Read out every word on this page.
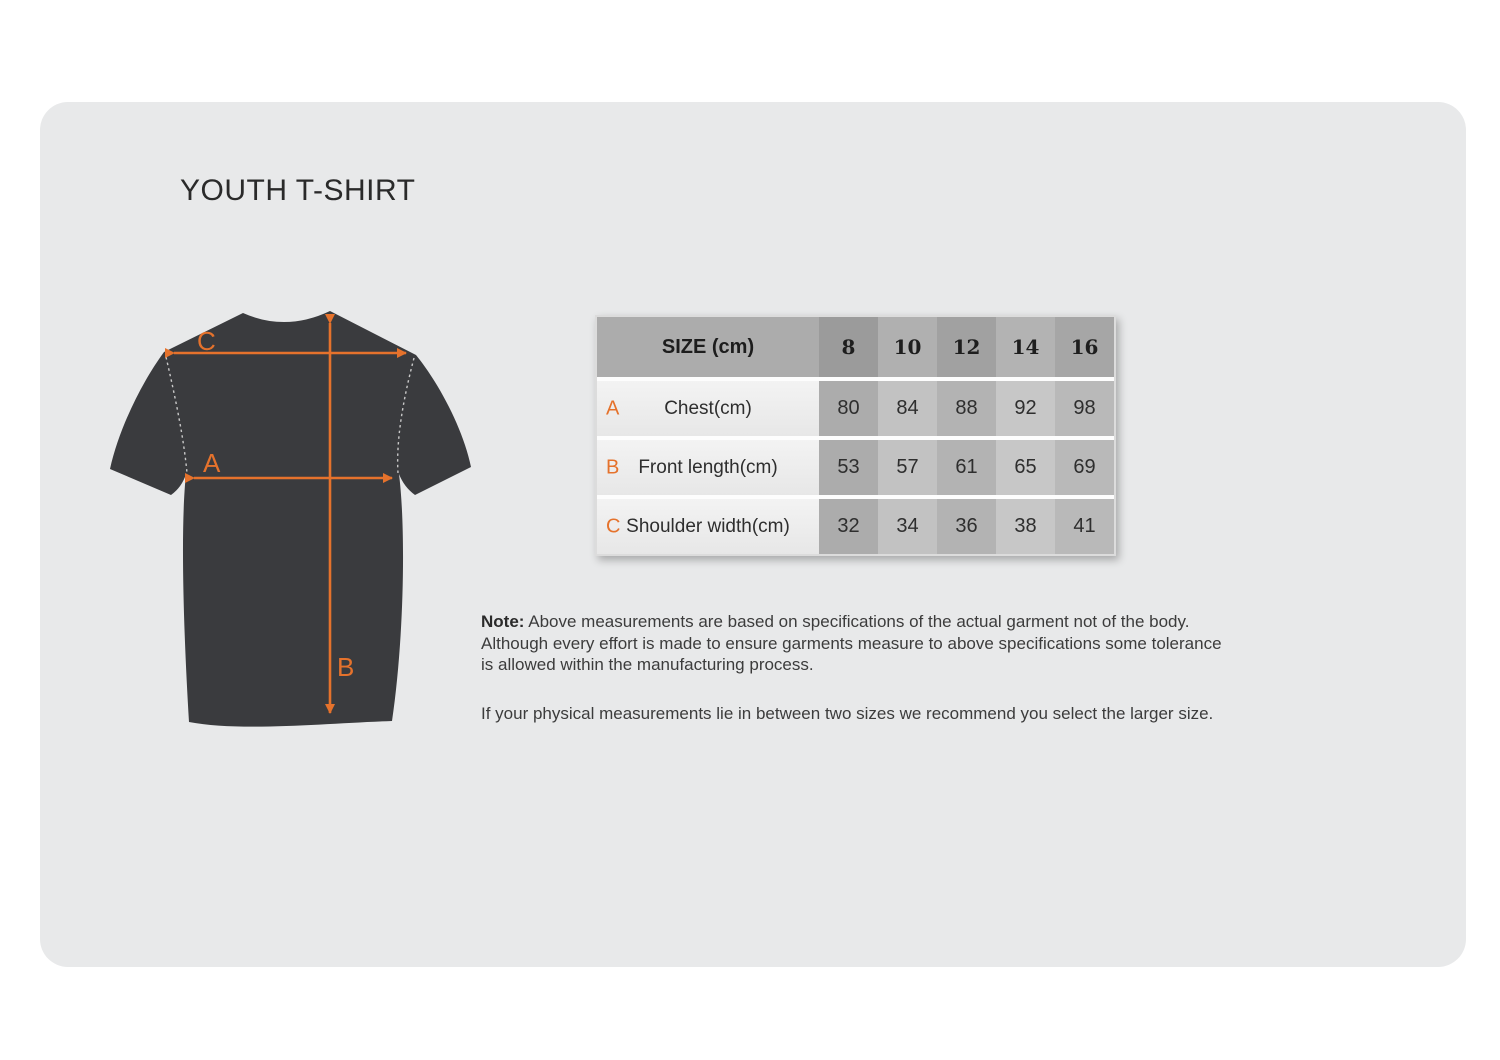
YOUTH T-SHIRT
C
A
B
SIZE (cm)	8	10	12	14	16
A Chest(cm)	80	84	88	92	98
B Front length(cm)	53	57	61	65	69
C Shoulder width(cm)	32	34	36	38	41

Note: Above measurements are based on specifications of the actual garment not of the body.
Although every effort is made to ensure garments measure to above specifications some tolerance
is allowed within the manufacturing process.

If your physical measurements lie in between two sizes we recommend you select the larger size.
